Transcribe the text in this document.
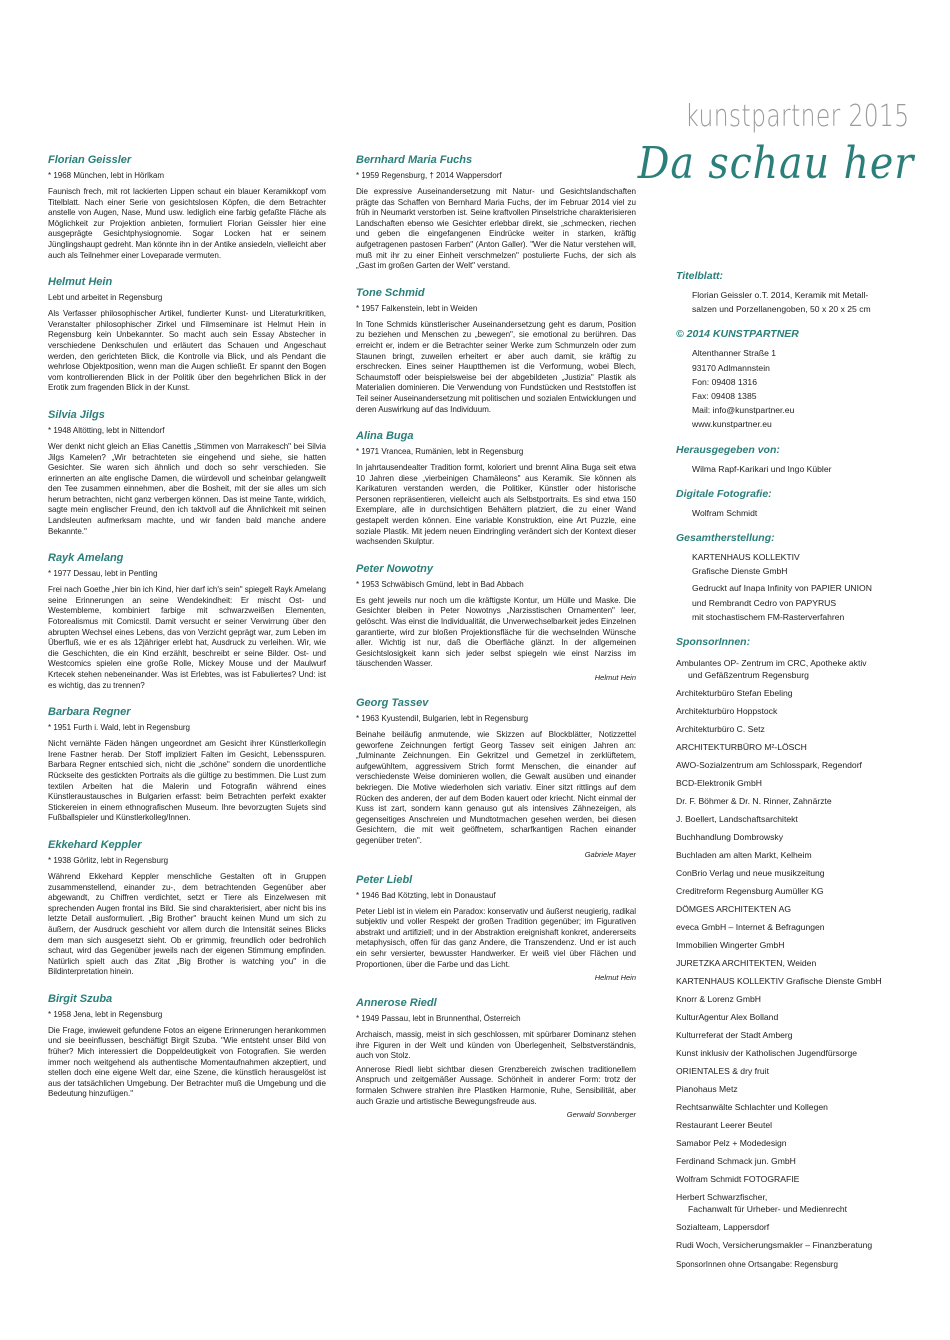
kunstpartner 2015
Da schau her

Florian Geissler

* 1968 München, lebt in Hörlkam

Faunisch frech, mit rot lackierten Lippen schaut ein blauer Keramikkopf vom Titelblatt. Nach einer Serie von gesichtslosen Köpfen, die dem Betrachter anstelle von Augen, Nase, Mund usw. lediglich eine farbig gefaßte Fläche als Möglichkeit zur Projektion anbieten, formuliert Florian Geissler hier eine ausgeprägte Gesichtphysiognomie. Sogar Locken hat er seinem Jünglingshaupt gedreht. Man könnte ihn in der Antike ansiedeln, vielleicht aber auch als Teilnehmer einer Loveparade vermuten.

Helmut Hein

Lebt und arbeitet in Regensburg

Als Verfasser philosophischer Artikel, fundierter Kunst- und Literaturkritiken, Veranstalter philosophischer Zirkel und Filmseminare ist Helmut Hein in Regensburg kein Unbekannter. So macht auch sein Essay Abstecher in verschiedene Denkschulen und erläutert das Schauen und Angeschaut werden, den gerichteten Blick, die Kontrolle via Blick, und als Pendant die wehrlose Objektposition, wenn man die Augen schließt. Er spannt den Bogen vom kontrollierenden Blick in der Politik über den begehrlichen Blick in der Erotik zum fragenden Blick in der Kunst.

Silvia Jilgs

* 1948 Altötting, lebt in Nittendorf

Wer denkt nicht gleich an Elias Canettis „Stimmen von Marrakesch" bei Silvia Jilgs Kamelen? „Wir betrachteten sie eingehend und siehe, sie hatten Gesichter. Sie waren sich ähnlich und doch so sehr verschieden. Sie erinnerten an alte englische Damen, die würdevoll und scheinbar gelangweilt den Tee zusammen einnehmen, aber die Bosheit, mit der sie alles um sich herum betrachten, nicht ganz verbergen können. Das ist meine Tante, wirklich, sagte mein englischer Freund, den ich taktvoll auf die Ähnlichkeit mit seinen Landsleuten aufmerksam machte, und wir fanden bald manche andere Bekannte."

Rayk Amelang

* 1977 Dessau, lebt in Pentling

Frei nach Goethe „hier bin ich Kind, hier darf ich's sein" spiegelt Rayk Amelang seine Erinnerungen an seine Wendekindheit: Er mischt Ost- und Westembleme, kombiniert farbige mit schwarzweißen Elementen, Fotorealismus mit Comicstil. Damit versucht er seiner Verwirrung über den abrupten Wechsel eines Lebens, das von Verzicht geprägt war, zum Leben im Überfluß, wie er es als 12jähriger erlebt hat, Ausdruck zu verleihen. Wir, wie die Geschichten, die ein Kind erzählt, beschreibt er seine Bilder. Ost- und Westcomics spielen eine große Rolle, Mickey Mouse und der Maulwurf Krtecek stehen nebeneinander. Was ist Erlebtes, was ist Fabuliertes? Und: ist es wichtig, das zu trennen?

Barbara Regner

* 1951 Furth i. Wald, lebt in Regensburg

Nicht vernähte Fäden hängen ungeordnet am Gesicht ihrer Künstlerkollegin Irene Fastner herab. Der Stoff impliziert Falten im Gesicht, Lebensspuren. Barbara Regner entschied sich, nicht die „schöne" sondern die unordentliche Rückseite des gestickten Portraits als die gültige zu bestimmen. Die Lust zum textilen Arbeiten hat die Malerin und Fotografin während eines Künstleraustausches in Bulgarien erfasst: beim Betrachten perfekt exakter Stickereien in einem ethnografischen Museum. Ihre bevorzugten Sujets sind Fußballspieler und Künstlerkolleg/Innen.

Ekkehard Keppler

* 1938 Görlitz, lebt in Regensburg

Während Ekkehard Keppler menschliche Gestalten oft in Gruppen zusammenstellend, einander zu-, dem betrachtenden Gegenüber aber abgewandt, zu Chiffren verdichtet, setzt er Tiere als Einzelwesen mit sprechenden Augen frontal ins Bild. Sie sind charakterisiert, aber nicht bis ins letzte Detail ausformuliert. „Big Brother" braucht keinen Mund um sich zu äußern, der Ausdruck geschieht vor allem durch die Intensität seines Blicks dem man sich ausgesetzt sieht. Ob er grimmig, freundlich oder bedrohlich schaut, wird das Gegenüber jeweils nach der eigenen Stimmung empfinden. Natürlich spielt auch das Zitat „Big Brother is watching you" in die Bildinterpretation hinein.

Birgit Szuba

* 1958 Jena, lebt in Regensburg

Die Frage, inwieweit gefundene Fotos an eigene Erinnerungen herankommen und sie beeinflussen, beschäftigt Birgit Szuba. "Wie entsteht unser Bild von früher? Mich interessiert die Doppeldeutigkeit von Fotografien. Sie werden immer noch weitgehend als authentische Momentaufnahmen akzeptiert, und stellen doch eine eigene Welt dar, eine Szene, die künstlich herausgelöst ist aus der tatsächlichen Umgebung. Der Betrachter muß die Umgebung und die Bedeutung hinzufügen."

Bernhard Maria Fuchs

* 1959 Regensburg, † 2014 Wappersdorf

Die expressive Auseinandersetzung mit Natur- und Gesichtslandschaften prägte das Schaffen von Bernhard Maria Fuchs, der im Februar 2014 viel zu früh in Neumarkt verstorben ist. Seine kraftvollen Pinselstriche charakterisieren Landschaften ebenso wie Gesichter erlebbar direkt, sie „schmecken, riechen und geben die eingefangenen Eindrücke weiter in starken, kräftig aufgetragenen pastosen Farben" (Anton Galler). "Wer die Natur verstehen will, muß mit ihr zu einer Einheit verschmelzen" postulierte Fuchs, der sich als „Gast im großen Garten der Welt" verstand.

Tone Schmid

* 1957 Falkenstein, lebt in Weiden

In Tone Schmids künstlerischer Auseinandersetzung geht es darum, Position zu beziehen und Menschen zu „bewegen", sie emotional zu berühren. Das erreicht er, indem er die Betrachter seiner Werke zum Schmunzeln oder zum Staunen bringt, zuweilen erheitert er aber auch damit, sie kräftig zu erschrecken. Eines seiner Hauptthemen ist die Verformung, wobei Blech, Schaumstoff oder beispielsweise bei der abgebildeten „Justizia" Plastik als Materialien dominieren. Die Verwendung von Fundstücken und Reststoffen ist Teil seiner Auseinandersetzung mit politischen und sozialen Entwicklungen und deren Auswirkung auf das Individuum.

Alina Buga

* 1971 Vrancea, Rumänien, lebt in Regensburg

In jahrtausendealter Tradition formt, koloriert und brennt Alina Buga seit etwa 10 Jahren diese „vierbeinigen Chamäleons" aus Keramik. Sie können als Karikaturen verstanden werden, die Politiker, Künstler oder historische Personen repräsentieren, vielleicht auch als Selbstportraits. Es sind etwa 150 Exemplare, alle in durchsichtigen Behältern platziert, die zu einer Wand gestapelt werden können. Eine variable Konstruktion, eine Art Puzzle, eine soziale Plastik. Mit jedem neuen Eindringling verändert sich der Kontext dieser wachsenden Skulptur.

Peter Nowotny

* 1953 Schwäbisch Gmünd, lebt in Bad Abbach

Es geht jeweils nur noch um die kräftigste Kontur, um Hülle und Maske. Die Gesichter bleiben in Peter Nowotnys „Narzisstischen Ornamenten" leer, gelöscht. Was einst die Individualität, die Unverwechselbarkeit jedes Einzelnen garantierte, wird zur bloßen Projektionsfläche für die wechselnden Wünsche aller. Wichtig ist nur, daß die Oberfläche glänzt. In der allgemeinen Gesichtslosigkeit kann sich jeder selbst spiegeln wie einst Narziss im täuschenden Wasser.

Helmut Hein

Georg Tassev

* 1963 Kyustendil, Bulgarien, lebt in Regensburg

Beinahe beiläufig anmutende, wie Skizzen auf Blockblätter, Notizzettel geworfene Zeichnungen fertigt Georg Tassev seit einigen Jahren an: „fulminante Zeichnungen. Ein Gekritzel und Gemetzel in zerklüftetem, aufgewühltem, aggressivem Strich formt Menschen, die einander auf verschiedenste Weise dominieren wollen, die Gewalt ausüben und einander bekriegen. Die Motive wiederholen sich variativ. Einer sitzt rittlings auf dem Rücken des anderen, der auf dem Boden kauert oder kriecht. Nicht einmal der Kuss ist zart, sondern kann genauso gut als intensives Zähnezeigen, als gegenseitiges Anschreien und Mundtotmachen gesehen werden, bei diesen Gesichtern, die mit weit geöffnetem, scharfkantigen Rachen einander gegenüber treten".

Gabriele Mayer

Peter Liebl

* 1946 Bad Kötzting, lebt in Donaustauf

Peter Liebl ist in vielem ein Paradox: konservativ und äußerst neugierig, radikal subjektiv und voller Respekt der großen Tradition gegenüber; im Figurativen abstrakt und artifiziell; und in der Abstraktion ereignishaft konkret, andererseits metaphysisch, offen für das ganz Andere, die Transzendenz. Und er ist auch ein sehr versierter, bewusster Handwerker. Er weiß viel über Flächen und Proportionen, über die Farbe und das Licht.

Helmut Hein

Annerose Riedl

* 1949 Passau, lebt in Brunnenthal, Österreich

Archaisch, massig, meist in sich geschlossen, mit spürbarer Dominanz stehen ihre Figuren in der Welt und künden von Überlegenheit, Selbstverständnis, auch von Stolz.

Annerose Riedl liebt sichtbar diesen Grenzbereich zwischen traditionellem Anspruch und zeitgemäßer Aussage. Schönheit in anderer Form: trotz der formalen Schwere strahlen ihre Plastiken Harmonie, Ruhe, Sensibilität, aber auch Grazie und artistische Bewegungsfreude aus.

Gerwald Sonnberger

Titelblatt:

Florian Geissler o.T. 2014, Keramik mit Metall-

salzen und Porzellanengoben, 50 x 20 x 25 cm

© 2014 KUNSTPARTNER

Altenthanner Straße 1

93170 Adlmannstein

Fon: 09408 1316

Fax: 09408 1385

Mail: info@kunstpartner.eu

www.kunstpartner.eu

Herausgegeben von:

Wilma Rapf-Karikari und Ingo Kübler

Digitale Fotografie:

Wolfram Schmidt

Gesamtherstellung:

KARTENHAUS KOLLEKTIV

Grafische Dienste GmbH

Gedruckt auf Inapa Infinity von PAPIER UNION

und Rembrandt Cedro von PAPYRUS

mit stochastischem FM-Rasterverfahren

SponsorInnen:

Ambulantes OP- Zentrum im CRC, Apotheke aktiv
und Gefäßzentrum Regensburg

Architekturbüro Stefan Ebeling

Architekturbüro Hoppstock

Architekturbüro C. Setz

ARCHITEKTURBÜRO M²-LÖSCH

AWO-Sozialzentrum am Schlosspark, Regendorf

BCD-Elektronik GmbH

Dr. F. Böhmer & Dr. N. Rinner, Zahnärzte

J. Boellert, Landschaftsarchitekt

Buchhandlung Dombrowsky

Buchladen am alten Markt, Kelheim

ConBrio Verlag und neue musikzeitung

Creditreform Regensburg Aumüller KG

DÖMGES ARCHITEKTEN AG

eveca GmbH – Internet & Befragungen

Immobilien Wingerter GmbH

JURETZKA ARCHITEKTEN, Weiden

KARTENHAUS KOLLEKTIV Grafische Dienste GmbH

Knorr & Lorenz GmbH

KulturAgentur Alex Bolland

Kulturreferat der Stadt Amberg

Kunst inklusiv der Katholischen Jugendfürsorge

ORIENTALES & dry fruit

Pianohaus Metz

Rechtsanwälte Schlachter und Kollegen

Restaurant Leerer Beutel

Samabor Pelz + Modedesign

Ferdinand Schmack jun. GmbH

Wolfram Schmidt FOTOGRAFIE

Herbert Schwarzfischer,
Fachanwalt für Urheber- und Medienrecht

Sozialteam, Lappersdorf

Rudi Woch, Versicherungsmakler – Finanzberatung

SponsorInnen ohne Ortsangabe: Regensburg
